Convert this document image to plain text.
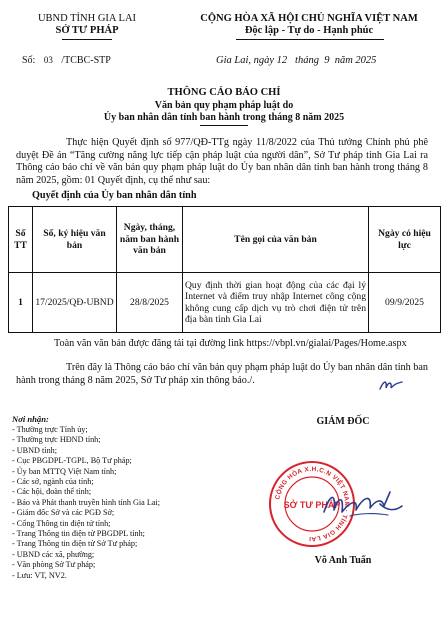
UBND TỈNH GIA LAI
SỞ TƯ PHÁP
CỘNG HÒA XÃ HỘI CHỦ NGHĨA VIỆT NAM
Độc lập - Tự do - Hạnh phúc
Số: 03 /TCBC-STP	Gia Lai, ngày 12   tháng  9  năm 2025
THÔNG CÁO BÁO CHÍ
Văn bản quy phạm pháp luật do
Ủy ban nhân dân tỉnh ban hành trong tháng 8 năm 2025
Thực hiện Quyết định số 977/QĐ-TTg ngày 11/8/2022 của Thủ tướng Chính phủ phê duyệt Đề án “Tăng cường năng lực tiếp cận pháp luật của người dân”, Sở Tư pháp tỉnh Gia Lai ra Thông cáo báo chí về văn bản quy phạm pháp luật do Ủy ban nhân dân tỉnh ban hành trong tháng 8 năm 2025, gồm: 01 Quyết định, cụ thể như sau:
Quyết định của Ủy ban nhân dân tỉnh
Số TT	Số, ký hiệu văn bản	Ngày, tháng, năm ban hành văn bản	Tên gọi của văn bản	Ngày có hiệu lực
1	17/2025/QĐ-UBND	28/8/2025	Quy định thời gian hoạt động của các đại lý Internet và điểm truy nhập Internet công cộng không cung cấp dịch vụ trò chơi điện tử trên địa bàn tỉnh Gia Lai	09/9/2025
Toàn văn văn bản được đăng tải tại đường link https://vbpl.vn/gialai/Pages/Home.aspx
Trên đây là Thông cáo báo chí văn bản quy phạm pháp luật do Ủy ban nhân dân tỉnh ban hành trong tháng 8 năm 2025, Sở Tư pháp xin thông báo./.
Nơi nhận:
- Thường trực Tỉnh ủy;
- Thường trực HĐND tỉnh;
- UBND tỉnh;
- Cục PBGDPL-TGPL, Bộ Tư pháp;
- Ủy ban MTTQ Việt Nam tỉnh;
- Các sở, ngành của tỉnh;
- Các hội, đoàn thể tỉnh;
- Báo và Phát thanh truyền hình tỉnh Gia Lai;
- Giám đốc Sở và các PGĐ Sở;
- Cổng Thông tin điện tử tỉnh;
- Trang Thông tin điện tử PBGDPL tỉnh;
- Trang Thông tin điện tử Sở Tư pháp;
- UBND các xã, phường;
- Văn phòng Sở Tư pháp;
- Lưu: VT, NV2.
GIÁM ĐỐC
CỘNG HÒA X.H.C.N VIỆT NAM · TỈNH GIA LAI
SỞ TƯ PHÁP
Võ Anh Tuấn
